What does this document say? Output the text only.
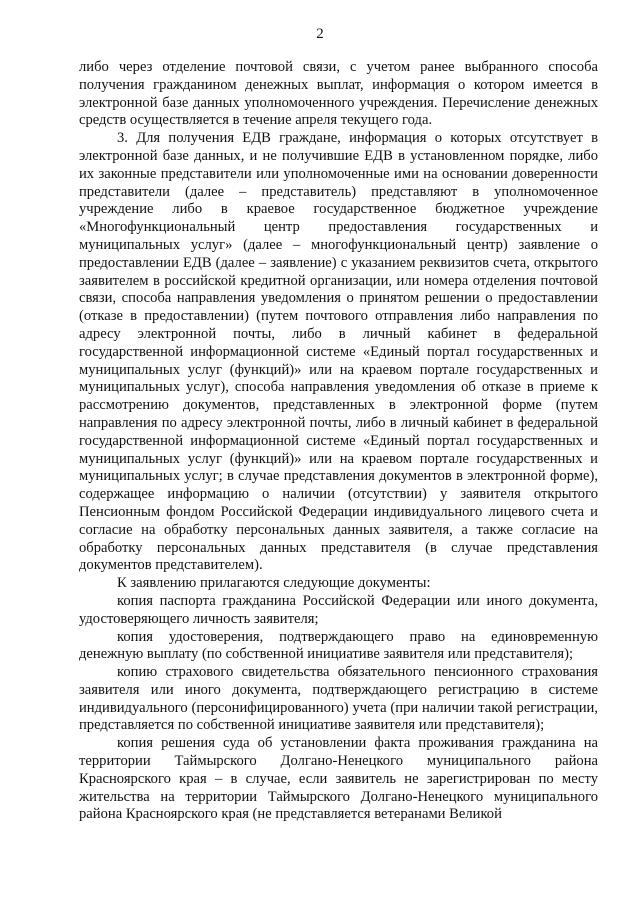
2

либо через отделение почтовой связи, с учетом ранее выбранного способа получения гражданином денежных выплат, информация о котором имеется в электронной базе данных уполномоченного учреждения. Перечисление денежных средств осуществляется в течение апреля текущего года.

3. Для получения ЕДВ граждане, информация о которых отсутствует в электронной базе данных, и не получившие ЕДВ в установленном порядке, либо их законные представители или уполномоченные ими на основании доверенности представители (далее – представитель) представляют в уполномоченное учреждение либо в краевое государственное бюджетное учреждение «Многофункциональный центр предоставления государственных и муниципальных услуг» (далее – многофункциональный центр) заявление о предоставлении ЕДВ (далее – заявление) с указанием реквизитов счета, открытого заявителем в российской кредитной организации, или номера отделения почтовой связи, способа направления уведомления о принятом решении о предоставлении (отказе в предоставлении) (путем почтового отправления либо направления по адресу электронной почты, либо в личный кабинет в федеральной государственной информационной системе «Единый портал государственных и муниципальных услуг (функций)» или на краевом портале государственных и муниципальных услуг), способа направления уведомления об отказе в приеме к рассмотрению документов, представленных в электронной форме (путем направления по адресу электронной почты, либо в личный кабинет в федеральной государственной информационной системе «Единый портал государственных и муниципальных услуг (функций)» или на краевом портале государственных и муниципальных услуг; в случае представления документов в электронной форме), содержащее информацию о наличии (отсутствии) у заявителя открытого Пенсионным фондом Российской Федерации индивидуального лицевого счета и согласие на обработку персональных данных заявителя, а также согласие на обработку персональных данных представителя (в случае представления документов представителем).

К заявлению прилагаются следующие документы:

копия паспорта гражданина Российской Федерации или иного документа, удостоверяющего личность заявителя;

копия удостоверения, подтверждающего право на единовременную денежную выплату (по собственной инициативе заявителя или представителя);

копию страхового свидетельства обязательного пенсионного страхования заявителя или иного документа, подтверждающего регистрацию в системе индивидуального (персонифицированного) учета (при наличии такой регистрации, представляется по собственной инициативе заявителя или представителя);

копия решения суда об установлении факта проживания гражданина на территории Таймырского Долгано-Ненецкого муниципального района Красноярского края – в случае, если заявитель не зарегистрирован по месту жительства на территории Таймырского Долгано-Ненецкого муниципального района Красноярского края (не представляется ветеранами Великой
